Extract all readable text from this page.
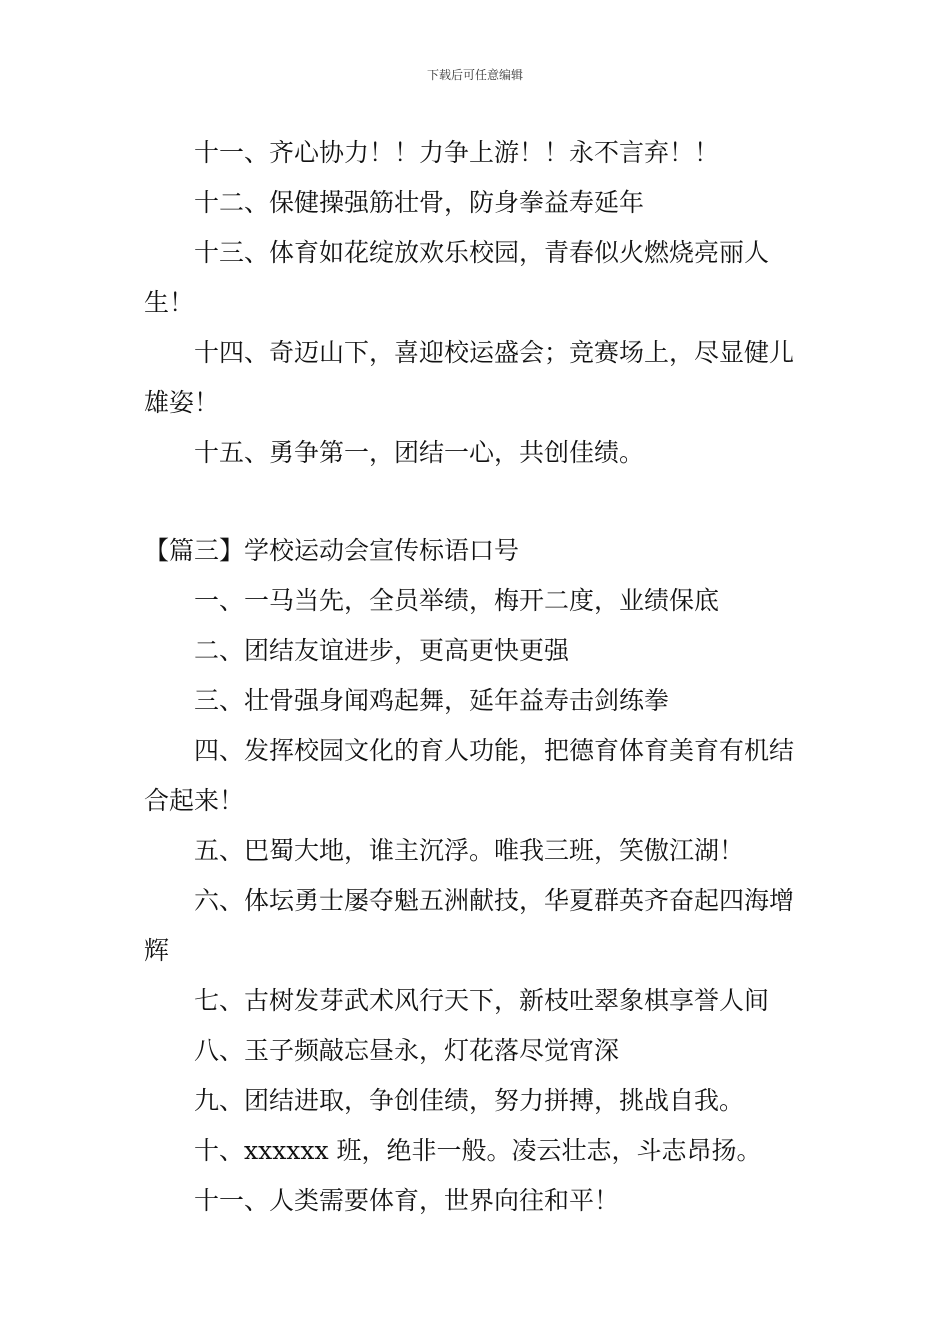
下载后可任意编辑

十一、齐心协力！！力争上游！！永不言弃！！

十二、保健操强筋壮骨，防身拳益寿延年

十三、体育如花绽放欢乐校园，青春似火燃烧亮丽人生！

十四、奇迈山下，喜迎校运盛会；竞赛场上，尽显健儿雄姿！

十五、勇争第一，团结一心，共创佳绩。

【篇三】学校运动会宣传标语口号

一、一马当先，全员举绩，梅开二度，业绩保底

二、团结友谊进步，更高更快更强

三、壮骨强身闻鸡起舞，延年益寿击剑练拳

四、发挥校园文化的育人功能，把德育体育美育有机结合起来！

五、巴蜀大地，谁主沉浮。唯我三班，笑傲江湖！

六、体坛勇士屡夺魁五洲献技，华夏群英齐奋起四海增辉

七、古树发芽武术风行天下，新枝吐翠象棋享誉人间

八、玉子频敲忘昼永，灯花落尽觉宵深

九、团结进取，争创佳绩，努力拼搏，挑战自我。

十、xxxxxx 班，绝非一般。凌云壮志，斗志昂扬。

十一、人类需要体育，世界向往和平！
